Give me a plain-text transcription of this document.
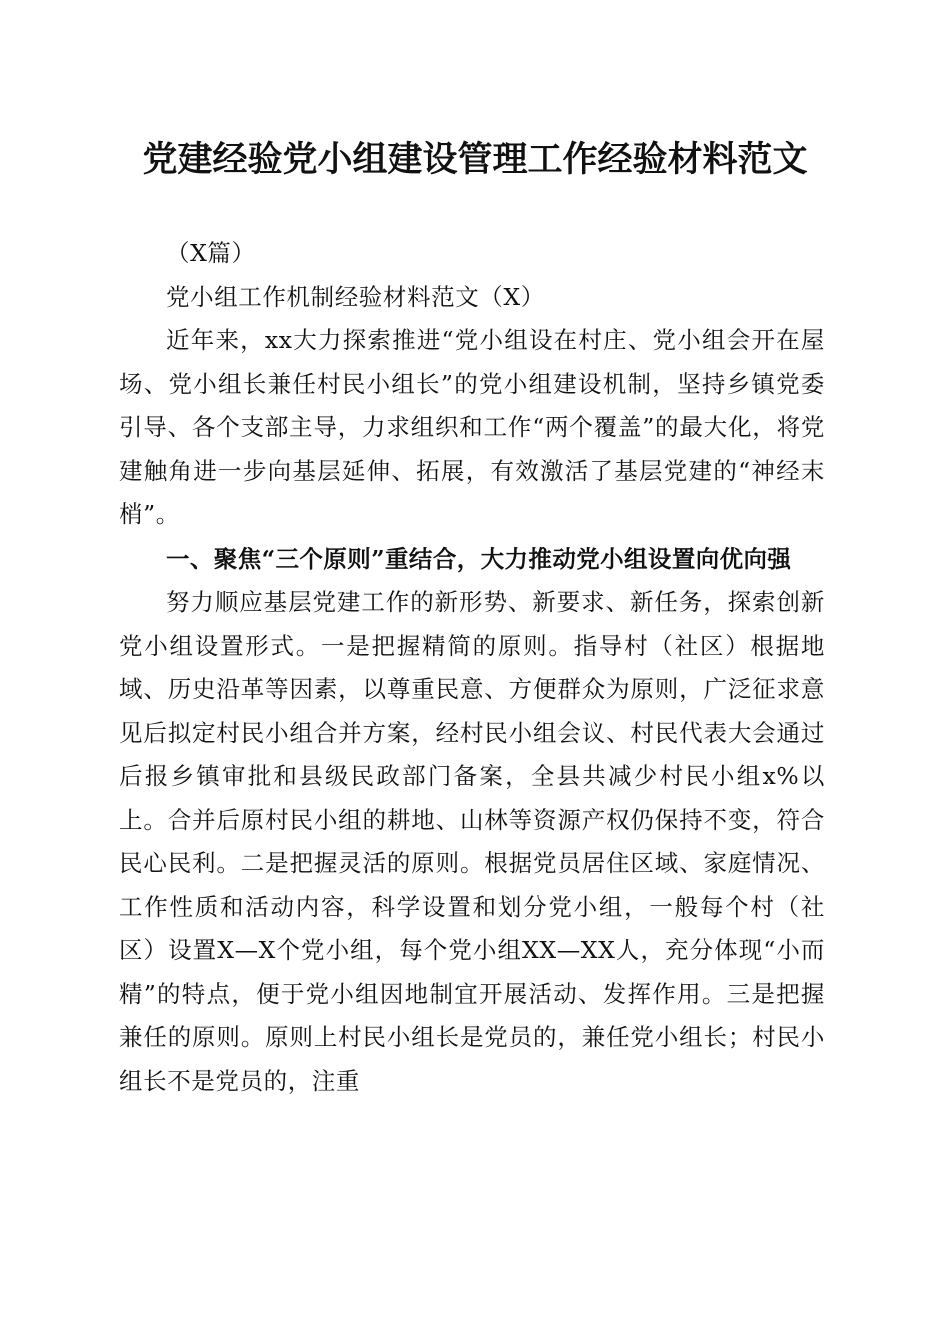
党建经验党小组建设管理工作经验材料范文

（X篇）

党小组工作机制经验材料范文（X）

近年来，xx大力探索推进“党小组设在村庄、党小组会开在屋场、党小组长兼任村民小组长”的党小组建设机制，坚持乡镇党委引导、各个支部主导，力求组织和工作“两个覆盖”的最大化，将党建触角进一步向基层延伸、拓展，有效激活了基层党建的“神经末梢”。

一、聚焦“三个原则”重结合，大力推动党小组设置向优向强

努力顺应基层党建工作的新形势、新要求、新任务，探索创新党小组设置形式。一是把握精简的原则。指导村（社区）根据地域、历史沿革等因素，以尊重民意、方便群众为原则，广泛征求意见后拟定村民小组合并方案，经村民小组会议、村民代表大会通过后报乡镇审批和县级民政部门备案，全县共减少村民小组x%以上。合并后原村民小组的耕地、山林等资源产权仍保持不变，符合民心民利。二是把握灵活的原则。根据党员居住区域、家庭情况、工作性质和活动内容，科学设置和划分党小组，一般每个村（社区）设置X—X个党小组，每个党小组XX—XX人，充分体现“小而精”的特点，便于党小组因地制宜开展活动、发挥作用。三是把握兼任的原则。原则上村民小组长是党员的，兼任党小组长；村民小组长不是党员的，注重
